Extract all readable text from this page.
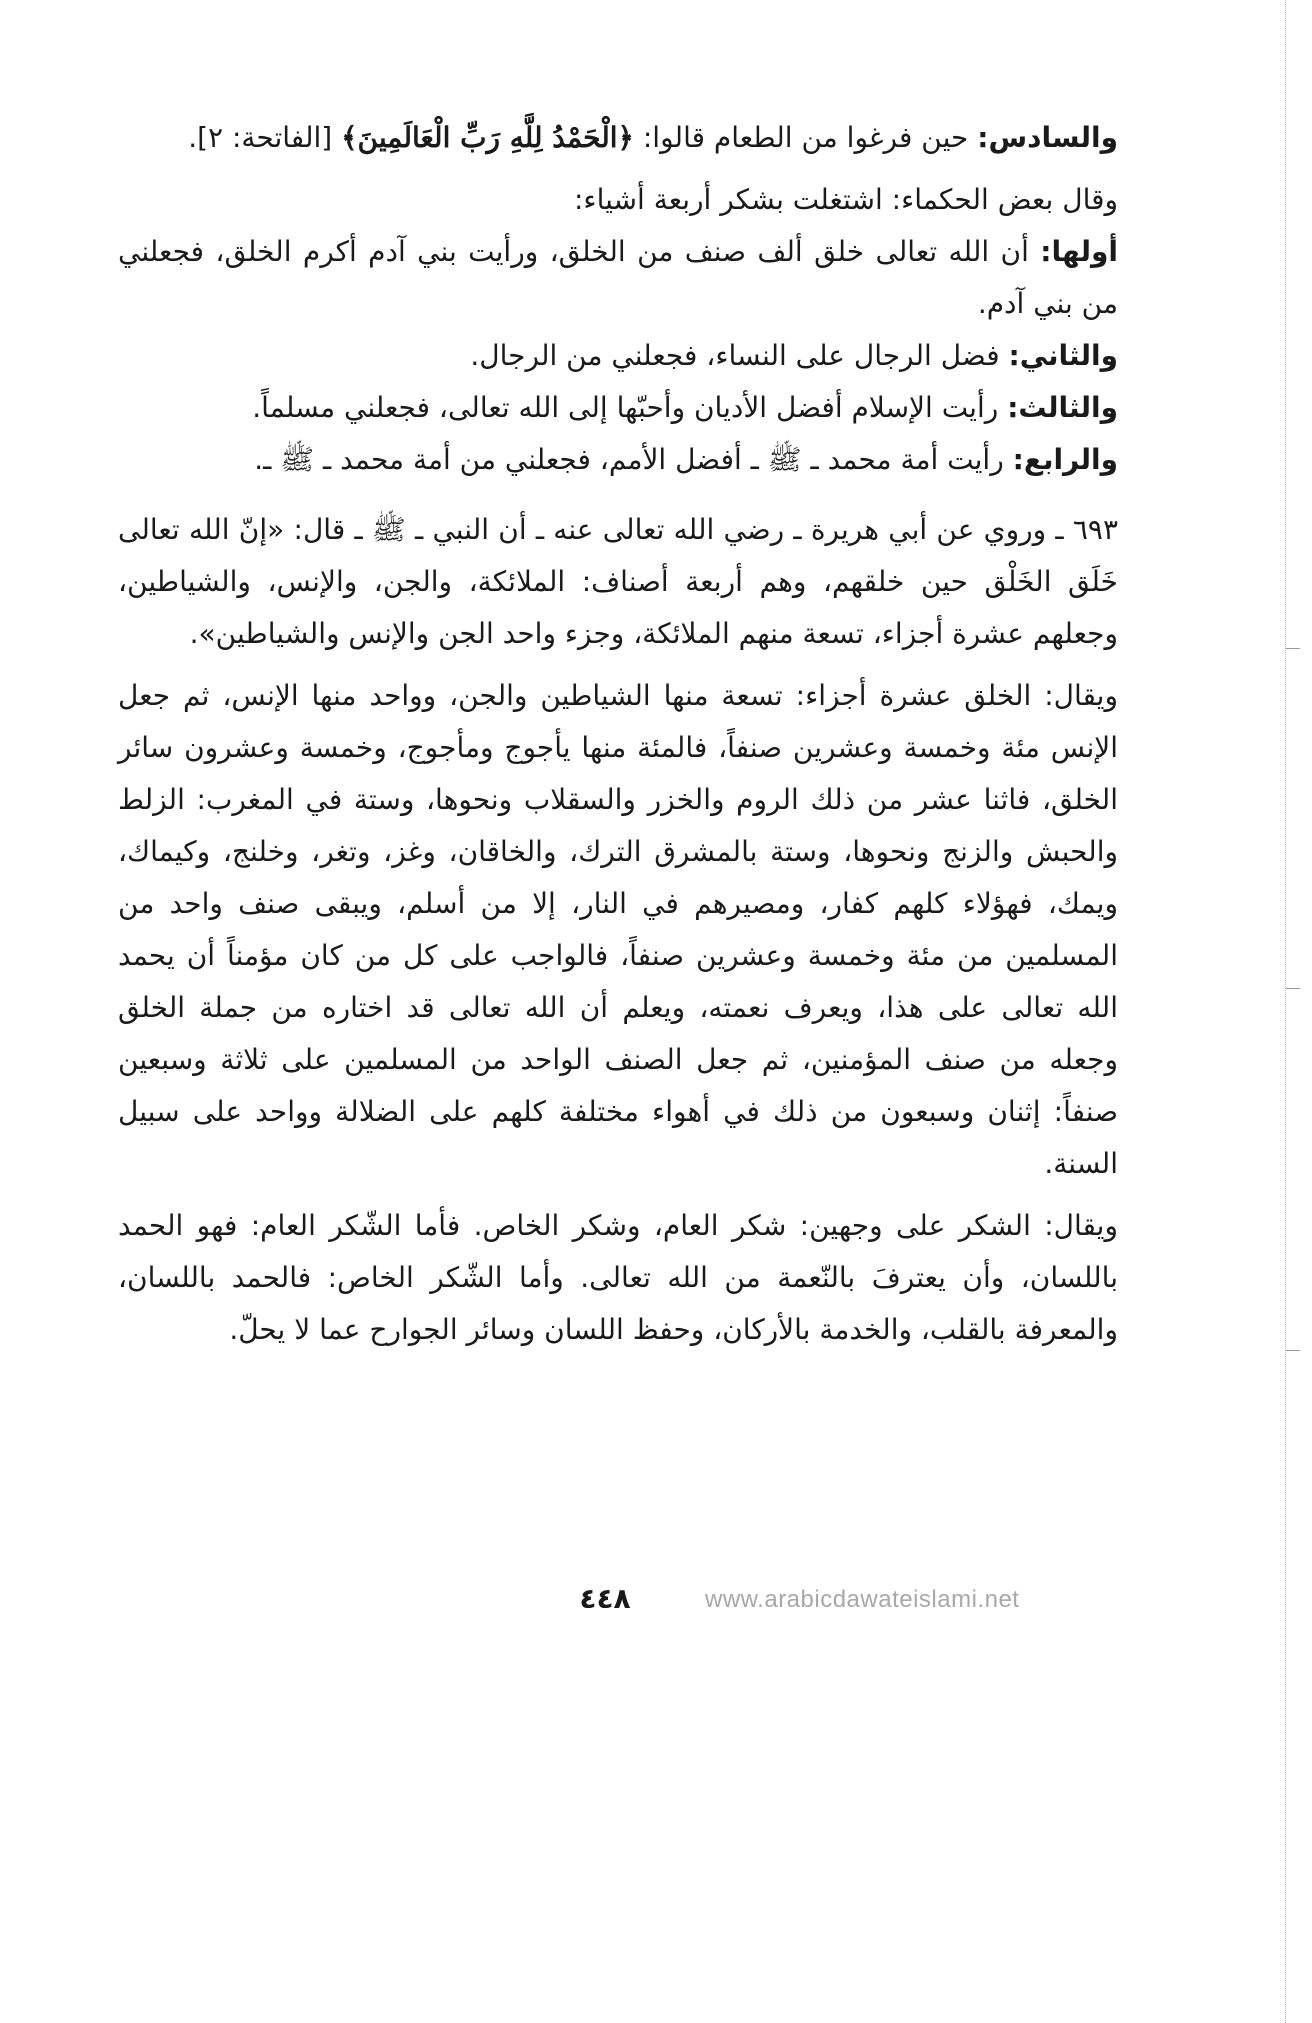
والسادس: حين فرغوا من الطعام قالوا: ﴿الْحَمْدُ لِلَّهِ رَبِّ الْعَالَمِينَ﴾ [الفاتحة: ٢].

وقال بعض الحكماء: اشتغلت بشكر أربعة أشياء:

أولها: أن الله تعالى خلق ألف صنف من الخلق، ورأيت بني آدم أكرم الخلق، فجعلني من بني آدم.

والثاني: فضل الرجال على النساء، فجعلني من الرجال.

والثالث: رأيت الإسلام أفضل الأديان وأحبّها إلى الله تعالى، فجعلني مسلماً.

والرابع: رأيت أمة محمد ـ ﷺ ـ أفضل الأمم، فجعلني من أمة محمد ـ ﷺ ـ.

٦٩٣ ـ وروي عن أبي هريرة ـ رضي الله تعالى عنه ـ أن النبي ـ ﷺ ـ قال: «إنّ الله تعالى خَلَق الخَلْق حين خلقهم، وهم أربعة أصناف: الملائكة، والجن، والإنس، والشياطين، وجعلهم عشرة أجزاء، تسعة منهم الملائكة، وجزء واحد الجن والإنس والشياطين».

ويقال: الخلق عشرة أجزاء: تسعة منها الشياطين والجن، وواحد منها الإنس، ثم جعل الإنس مئة وخمسة وعشرين صنفاً، فالمئة منها يأجوج ومأجوج، وخمسة وعشرون سائر الخلق، فاثنا عشر من ذلك الروم والخزر والسقلاب ونحوها، وستة في المغرب: الزلط والحبش والزنج ونحوها، وستة بالمشرق الترك، والخاقان، وغز، وتغر، وخلنج، وكيماك، ويمك، فهؤلاء كلهم كفار، ومصيرهم في النار، إلا من أسلم، ويبقى صنف واحد من المسلمين من مئة وخمسة وعشرين صنفاً، فالواجب على كل من كان مؤمناً أن يحمد الله تعالى على هذا، ويعرف نعمته، ويعلم أن الله تعالى قد اختاره من جملة الخلق وجعله من صنف المؤمنين، ثم جعل الصنف الواحد من المسلمين على ثلاثة وسبعين صنفاً: إثنان وسبعون من ذلك في أهواء مختلفة كلهم على الضلالة وواحد على سبيل السنة.

ويقال: الشكر على وجهين: شكر العام، وشكر الخاص. فأما الشّكر العام: فهو الحمد باللسان، وأن يعترفَ بالنّعمة من الله تعالى. وأما الشّكر الخاص: فالحمد باللسان، والمعرفة بالقلب، والخدمة بالأركان، وحفظ اللسان وسائر الجوارح عما لا يحلّ.

٤٤٨	www.arabicdawateislami.net
